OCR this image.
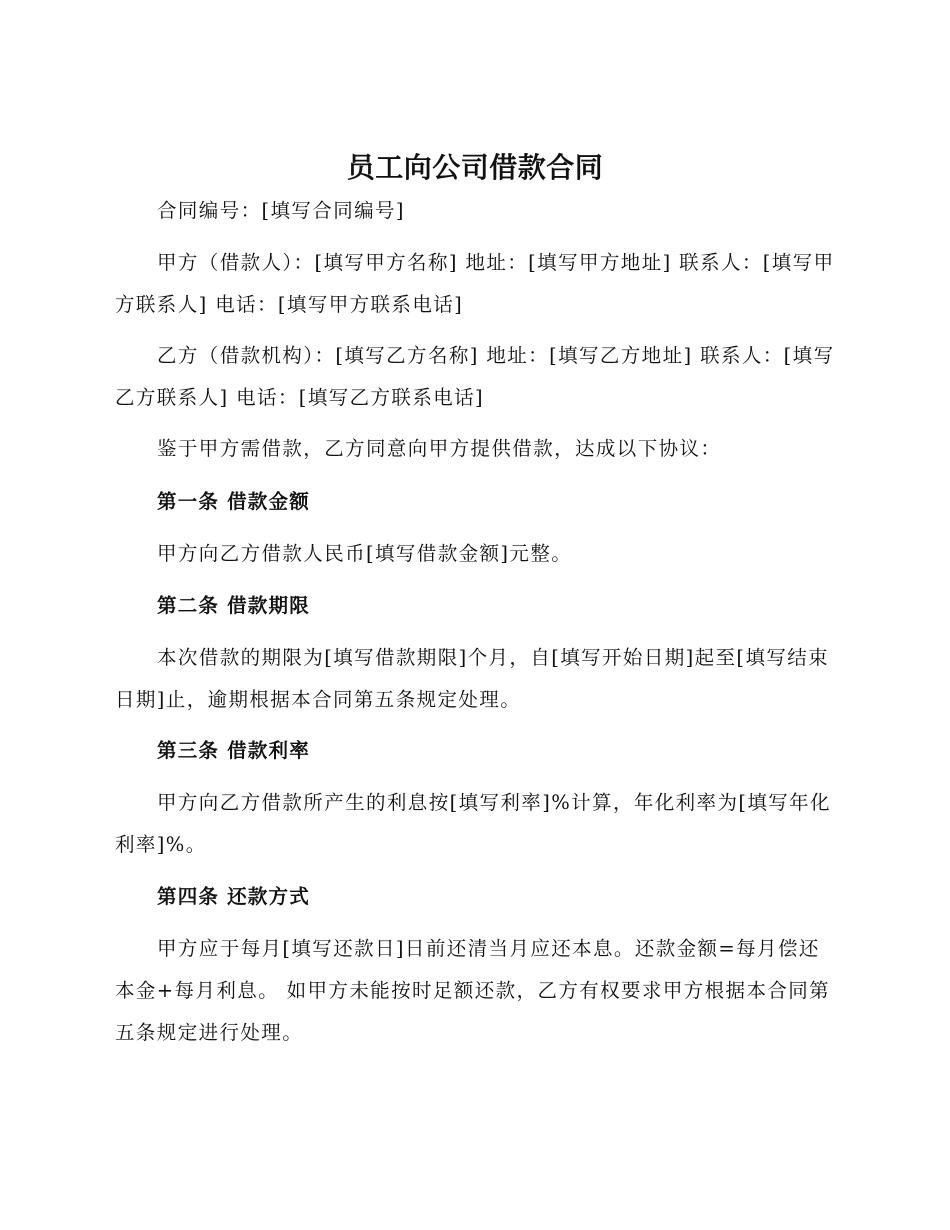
员工向公司借款合同

合同编号：[填写合同编号]

甲方（借款人）：[填写甲方名称] 地址：[填写甲方地址] 联系人：[填写甲方联系人] 电话：[填写甲方联系电话]

乙方（借款机构）：[填写乙方名称] 地址：[填写乙方地址] 联系人：[填写乙方联系人] 电话：[填写乙方联系电话]

鉴于甲方需借款，乙方同意向甲方提供借款，达成以下协议：

第一条 借款金额

甲方向乙方借款人民币[填写借款金额]元整。

第二条 借款期限

本次借款的期限为[填写借款期限]个月，自[填写开始日期]起至[填写结束日期]止，逾期根据本合同第五条规定处理。

第三条 借款利率

甲方向乙方借款所产生的利息按[填写利率]%计算，年化利率为[填写年化利率]%。

第四条 还款方式

甲方应于每月[填写还款日]日前还清当月应还本息。还款金额=每月偿还本金+每月利息。 如甲方未能按时足额还款，乙方有权要求甲方根据本合同第五条规定进行处理。
